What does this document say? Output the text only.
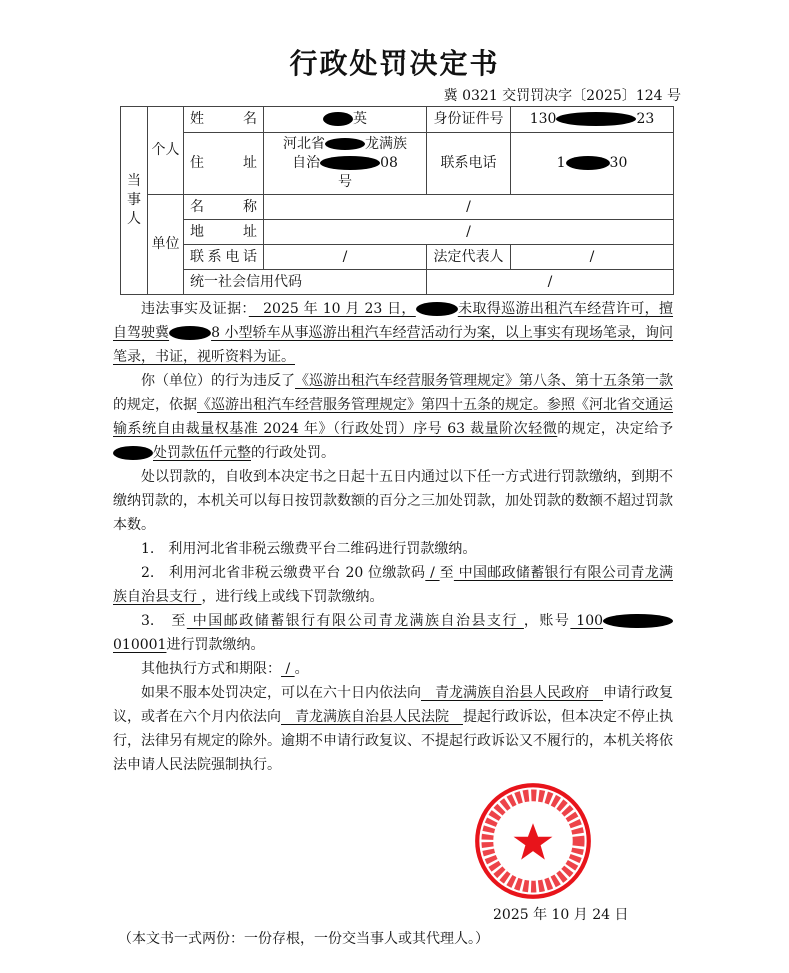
行政处罚决定书
冀 0321 交罚罚决字〔2025〕124 号
当事人	个人	姓　　名	英	身份证件号	130 23
		住　　址	河北省 龙满族
自治 08
号	联系电话	1 30
	单位	名　　称	/		
		地　　址	/		
		联系电话	/	法定代表人	/
		统一社会信用代码		/	

违法事实及证据：　2025 年 10 月 23 日，	未取得巡游出租汽车经营许可，擅自驾驶冀	8 小型轿车从事巡游出租汽车经营活动行为案，以上事实有现场笔录，询问笔录，书证，视听资料为证。

你（单位）的行为违反了《巡游出租汽车经营服务管理规定》第八条、第十五条第一款的规定，依据《巡游出租汽车经营服务管理规定》第四十五条的规定。参照《河北省交通运输系统自由裁量权基准 2024 年》（行政处罚）序号 63 裁量阶次轻微的规定，决定给予处罚款伍仟元整的行政处罚。

处以罚款的，自收到本决定书之日起十五日内通过以下任一方式进行罚款缴纳，到期不缴纳罚款的，本机关可以每日按罚款数额的百分之三加处罚款，加处罚款的数额不超过罚款本数。

1.　利用河北省非税云缴费平台二维码进行罚款缴纳。

2.　利用河北省非税云缴费平台 20 位缴款码 / 至 中国邮政储蓄银行有限公司青龙满族自治县支行 ，进行线上或线下罚款缴纳。

3.　至 中国邮政储蓄银行有限公司青龙满族自治县支行 ，账号 100010001进行罚款缴纳。

其他执行方式和期限： / 。

如果不服本处罚决定，可以在六十日内依法向　青龙满族自治县人民政府　申请行政复议，或者在六个月内依法向　青龙满族自治县人民法院　提起行政诉讼，但本决定不停止执行，法律另有规定的除外。逾期不申请行政复议、不提起行政诉讼又不履行的，本机关将依法申请人民法院强制执行。

2025 年 10 月 24 日
（本文书一式两份：一份存根，一份交当事人或其代理人。）
